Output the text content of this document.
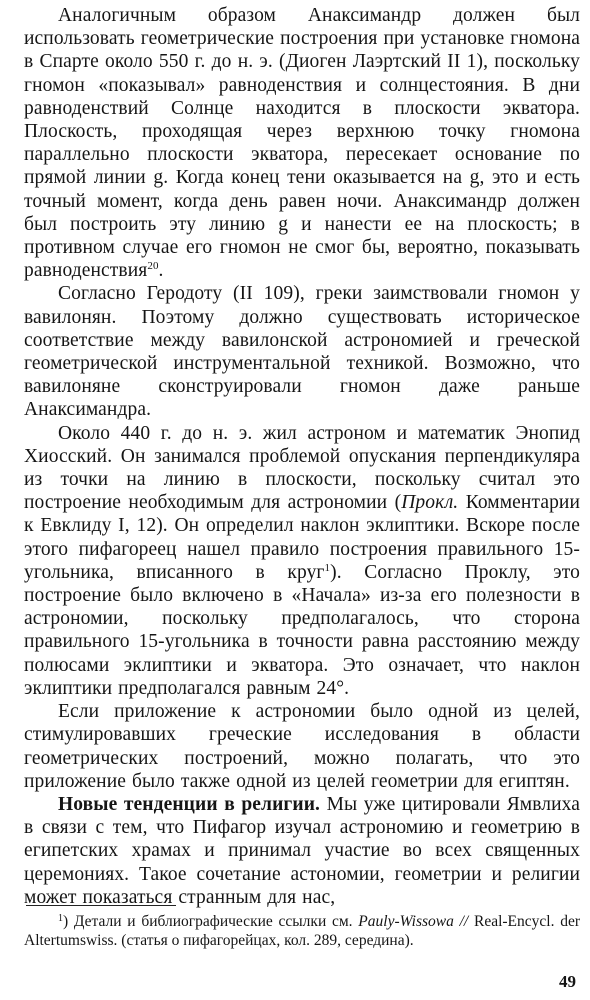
Аналогичным образом Анаксимандр должен был использовать геометрические построения при установке гномона в Спарте около 550 г. до н. э. (Диоген Лаэртский II 1), поскольку гномон «показывал» равноденствия и солнцестояния. В дни равноденствий Солнце находится в плоскости экватора. Плоскость, проходящая через верхнюю точку гномона параллельно плоскости экватора, пересекает основание по прямой линии g. Когда конец тени оказывается на g, это и есть точный момент, когда день равен ночи. Анаксимандр должен был построить эту линию g и нанести ее на плоскость; в противном случае его гномон не смог бы, вероятно, показывать равноденствия$^{20}$.

Согласно Геродоту (II 109), греки заимствовали гномон у вавилонян. Поэтому должно существовать историческое соответствие между вавилонской астрономией и греческой геометрической инструментальной техникой. Возможно, что вавилоняне сконструировали гномон даже раньше Анаксимандра.

Около 440 г. до н. э. жил астроном и математик Энопид Хиосский. Он занимался проблемой опускания перпендикуляра из точки на линию в плоскости, поскольку считал это построение необходимым для астрономии (Прокл. Комментарии к Евклиду I, 12). Он определил наклон эклиптики. Вскоре после этого пифагореец нашел правило построения правильного 15-угольника, вписанного в круг$^1$). Согласно Проклу, это построение было включено в «Начала» из-за его полезности в астрономии, поскольку предполагалось, что сторона правильного 15-угольника в точности равна расстоянию между полюсами эклиптики и экватора. Это означает, что наклон эклиптики предполагался равным 24°.

Если приложение к астрономии было одной из целей, стимулировавших греческие исследования в области геометрических построений, можно полагать, что это приложение было также одной из целей геометрии для египтян.

Новые тенденции в религии. Мы уже цитировали Ямвлиха в связи с тем, что Пифагор изучал астрономию и геометрию в египетских храмах и принимал участие во всех священных церемониях. Такое сочетание астономии, геометрии и религии может показаться странным для нас,

$^1$) Детали и библиографические ссылки см. Pauly-Wissowa // Real-Encycl. der Altertumswiss. (статья о пифагорейцах, кол. 289, середина).

49
